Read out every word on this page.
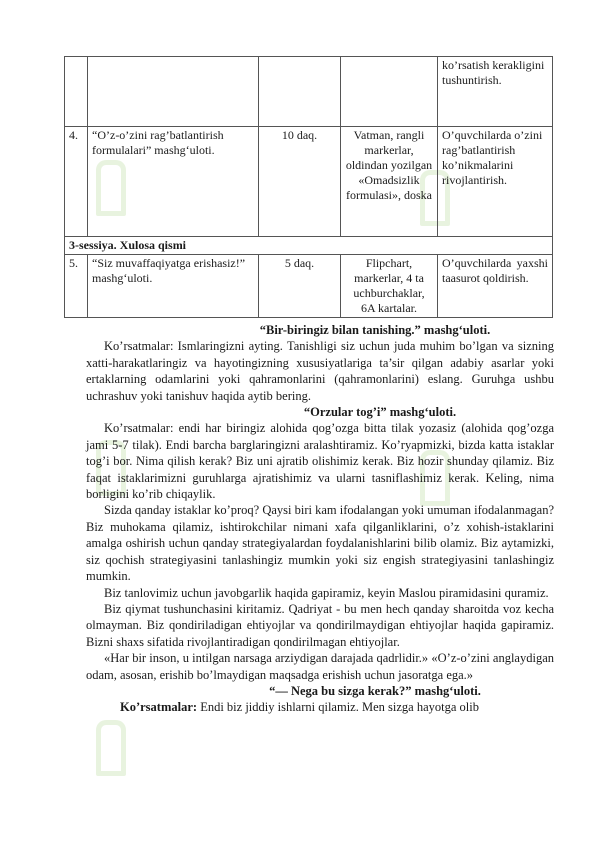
				ko’rsatish kerakligini tushuntirish.
4.	“O’z-o’zini rag’batlantirish formulalari” mashg‘uloti.	10 daq.	Vatman, rangli markerlar, oldindan yozilgan «Omadsizlik formulasi», doska	O’quvchilarda o’zini rag’batlantirish ko’nikmalarini rivojlantirish.
3-sessiya. Xulosa qismi				
5.	“Siz muvaffaqiyatga erishasiz!” mashg‘uloti.	5 daq.	Flipchart, markerlar, 4 ta uchburchaklar, 6A kartalar.	O’quvchilarda yaxshi taasurot qoldirish.
“Bir-biringiz bilan tanishing.” mashg‘uloti.

Ko’rsatmalar: Ismlaringizni ayting. Tanishligi siz uchun juda muhim bo’lgan va sizning xatti-harakatlaringiz va hayotingizning xususiyatlariga ta’sir qilgan adabiy asarlar yoki ertaklarning odamlarini yoki qahramonlarini (qahramonlarini) eslang. Guruhga ushbu uchrashuv yoki tanishuv haqida aytib bering.

“Orzular tog’i” mashg‘uloti.

Ko’rsatmalar: endi har biringiz alohida qog’ozga bitta tilak yozasiz (alohida qog’ozga jami 5-7 tilak). Endi barcha barglaringizni aralashtiramiz. Ko’ryapmizki, bizda katta istaklar tog’i bor. Nima qilish kerak? Biz uni ajratib olishimiz kerak. Biz hozir shunday qilamiz. Biz faqat istaklarimizni guruhlarga ajratishimiz va ularni tasniflashimiz kerak. Keling, nima borligini ko’rib chiqaylik.

Sizda qanday istaklar ko’proq? Qaysi biri kam ifodalangan yoki umuman ifodalanmagan? Biz muhokama qilamiz, ishtirokchilar nimani xafa qilganliklarini, o’z xohish-istaklarini amalga oshirish uchun qanday strategiyalardan foydalanishlarini bilib olamiz. Biz aytamizki, siz qochish strategiyasini tanlashingiz mumkin yoki siz engish strategiyasini tanlashingiz mumkin.

Biz tanlovimiz uchun javobgarlik haqida gapiramiz, keyin Maslou piramidasini quramiz.

Biz qiymat tushunchasini kiritamiz. Qadriyat - bu men hech qanday sharoitda voz kecha olmayman. Biz qondiriladigan ehtiyojlar va qondirilmaydigan ehtiyojlar haqida gapiramiz. Bizni shaxs sifatida rivojlantiradigan qondirilmagan ehtiyojlar.

«Har bir inson, u intilgan narsaga arziydigan darajada qadrlidir.» «O’z-o’zini anglaydigan odam, asosan, erishib bo’lmaydigan maqsadga erishish uchun jasoratga ega.»

“— Nega bu sizga kerak?” mashg‘uloti.

Ko’rsatmalar: Endi biz jiddiy ishlarni qilamiz. Men sizga hayotga olib
